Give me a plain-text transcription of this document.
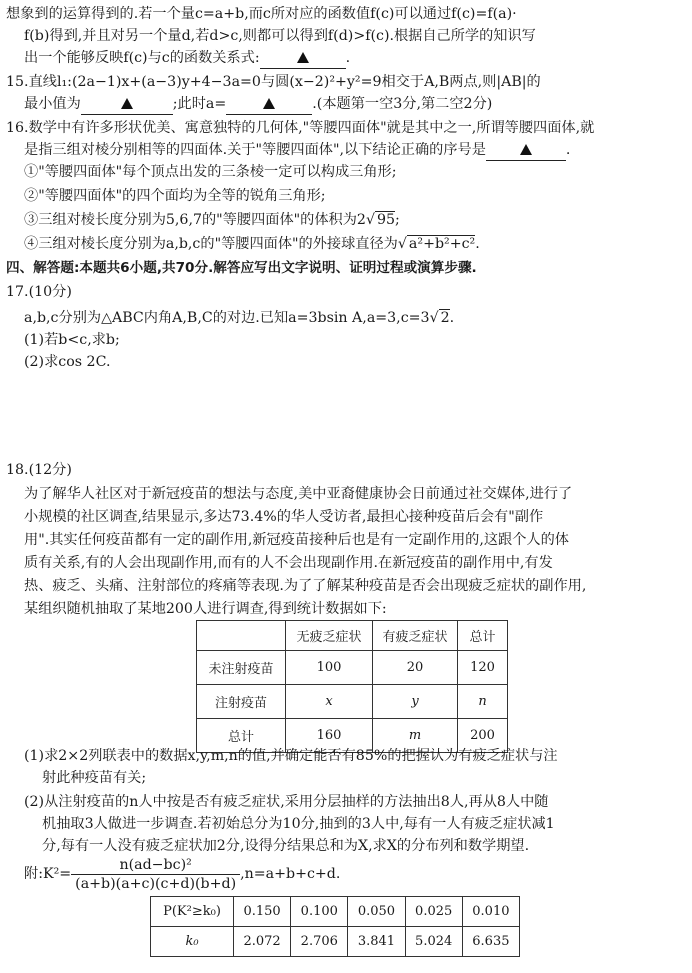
想象到的运算得到的.若一个量c=a+b,而c所对应的函数值f(c)可以通过f(c)=f(a)·
f(b)得到,并且对另一个量d,若d>c,则都可以得到f(d)>f(c).根据自己所学的知识写
出一个能够反映f(c)与c的函数关系式:	.
15.直线l₁:(2a−1)x+(a−3)y+4−3a=0与圆(x−2)²+y²=9相交于A,B两点,则|AB|的
最小值为	;此时a=	.(本题第一空3分,第二空2分)
16.数学中有许多形状优美、寓意独特的几何体,"等腰四面体"就是其中之一,所谓等腰四面体,就
是指三组对棱分别相等的四面体.关于"等腰四面体",以下结论正确的序号是	.
①"等腰四面体"每个顶点出发的三条棱一定可以构成三角形;
②"等腰四面体"的四个面均为全等的锐角三角形;
③三组对棱长度分别为5,6,7的"等腰四面体"的体积为2√ 95;
④三组对棱长度分别为a,b,c的"等腰四面体"的外接球直径为√ a²+b²+c².
四、解答题:本题共6小题,共70分.解答应写出文字说明、证明过程或演算步骤.
17.(10分)
a,b,c分别为△ABC内角A,B,C的对边.已知a=3bsin A,a=3,c=3√ 2.
(1)若b<c,求b;
(2)求cos 2C.
18.(12分)
为了解华人社区对于新冠疫苗的想法与态度,美中亚裔健康协会日前通过社交媒体,进行了
小规模的社区调查,结果显示,多达73.4%的华人受访者,最担心接种疫苗后会有"副作
用".其实任何疫苗都有一定的副作用,新冠疫苗接种后也是有一定副作用的,这跟个人的体
质有关系,有的人会出现副作用,而有的人不会出现副作用.在新冠疫苗的副作用中,有发
热、疲乏、头痛、注射部位的疼痛等表现.为了了解某种疫苗是否会出现疲乏症状的副作用,
某组织随机抽取了某地200人进行调查,得到统计数据如下:
	无疲乏症状	有疲乏症状	总计
未注射疫苗	100	20	120
注射疫苗	x	y	n
总计	160	m	200
(1)求2×2列联表中的数据x,y,m,n的值,并确定能否有85%的把握认为有疲乏症状与注
射此种疫苗有关;
(2)从注射疫苗的n人中按是否有疲乏症状,采用分层抽样的方法抽出8人,再从8人中随
机抽取3人做进一步调查.若初始总分为10分,抽到的3人中,每有一人有疲乏症状减1
分,每有一人没有疲乏症状加2分,设得分结果总和为X,求X的分布列和数学期望.
附:K²= $\frac{\text{n(ad−bc)²}}{(a+b)(a+c)(c+d)(b+d)} ,n=a+b+c+d$.
P(K²≥k₀)	0.150	0.100	0.050	0.025	0.010
k₀	2.072	2.706	3.841	5.024	6.635
